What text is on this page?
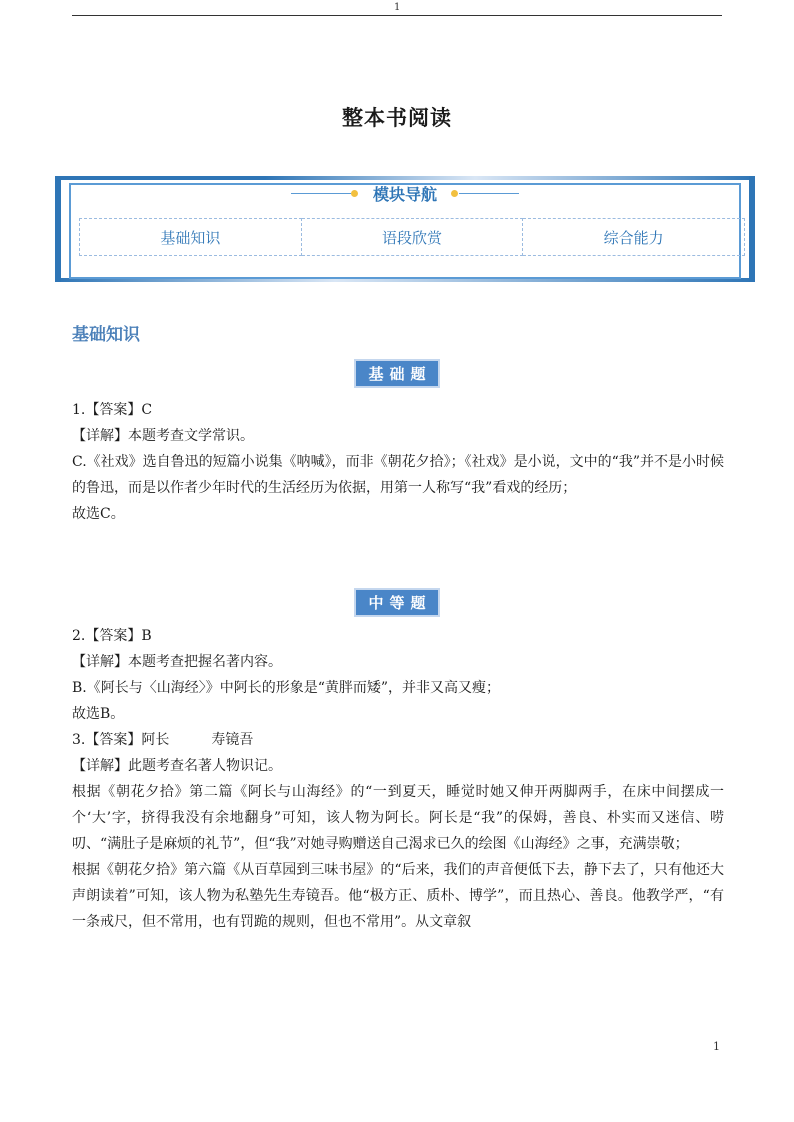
1
整本书阅读
模块导航
基础知识	语段欣赏	综合能力
基础知识
基础题

1.【答案】C

【详解】本题考查文学常识。

C.《社戏》选自鲁迅的短篇小说集《呐喊》，而非《朝花夕拾》；《社戏》是小说，文中的“我”并不是小时候的鲁迅，而是以作者少年时代的生活经历为依据，用第一人称写“我”看戏的经历；

故选C。

中等题

2.【答案】B

【详解】本题考查把握名著内容。

B.《阿长与〈山海经〉》中阿长的形象是“黄胖而矮”，并非又高又瘦；

故选B。

3.【答案】阿长　　　寿镜吾

【详解】此题考查名著人物识记。

根据《朝花夕拾》第二篇《阿长与山海经》的“一到夏天，睡觉时她又伸开两脚两手，在床中间摆成一个‘大’字，挤得我没有余地翻身”可知，该人物为阿长。阿长是“我”的保姆，善良、朴实而又迷信、唠叨、“满肚子是麻烦的礼节”，但“我”对她寻购赠送自己渴求已久的绘图《山海经》之事，充满崇敬；

根据《朝花夕拾》第六篇《从百草园到三味书屋》的“后来，我们的声音便低下去，静下去了，只有他还大声朗读着”可知，该人物为私塾先生寿镜吾。他“极方正、质朴、博学”，而且热心、善良。他教学严，“有一条戒尺，但不常用，也有罚跪的规则，但也不常用”。从文章叙

1
